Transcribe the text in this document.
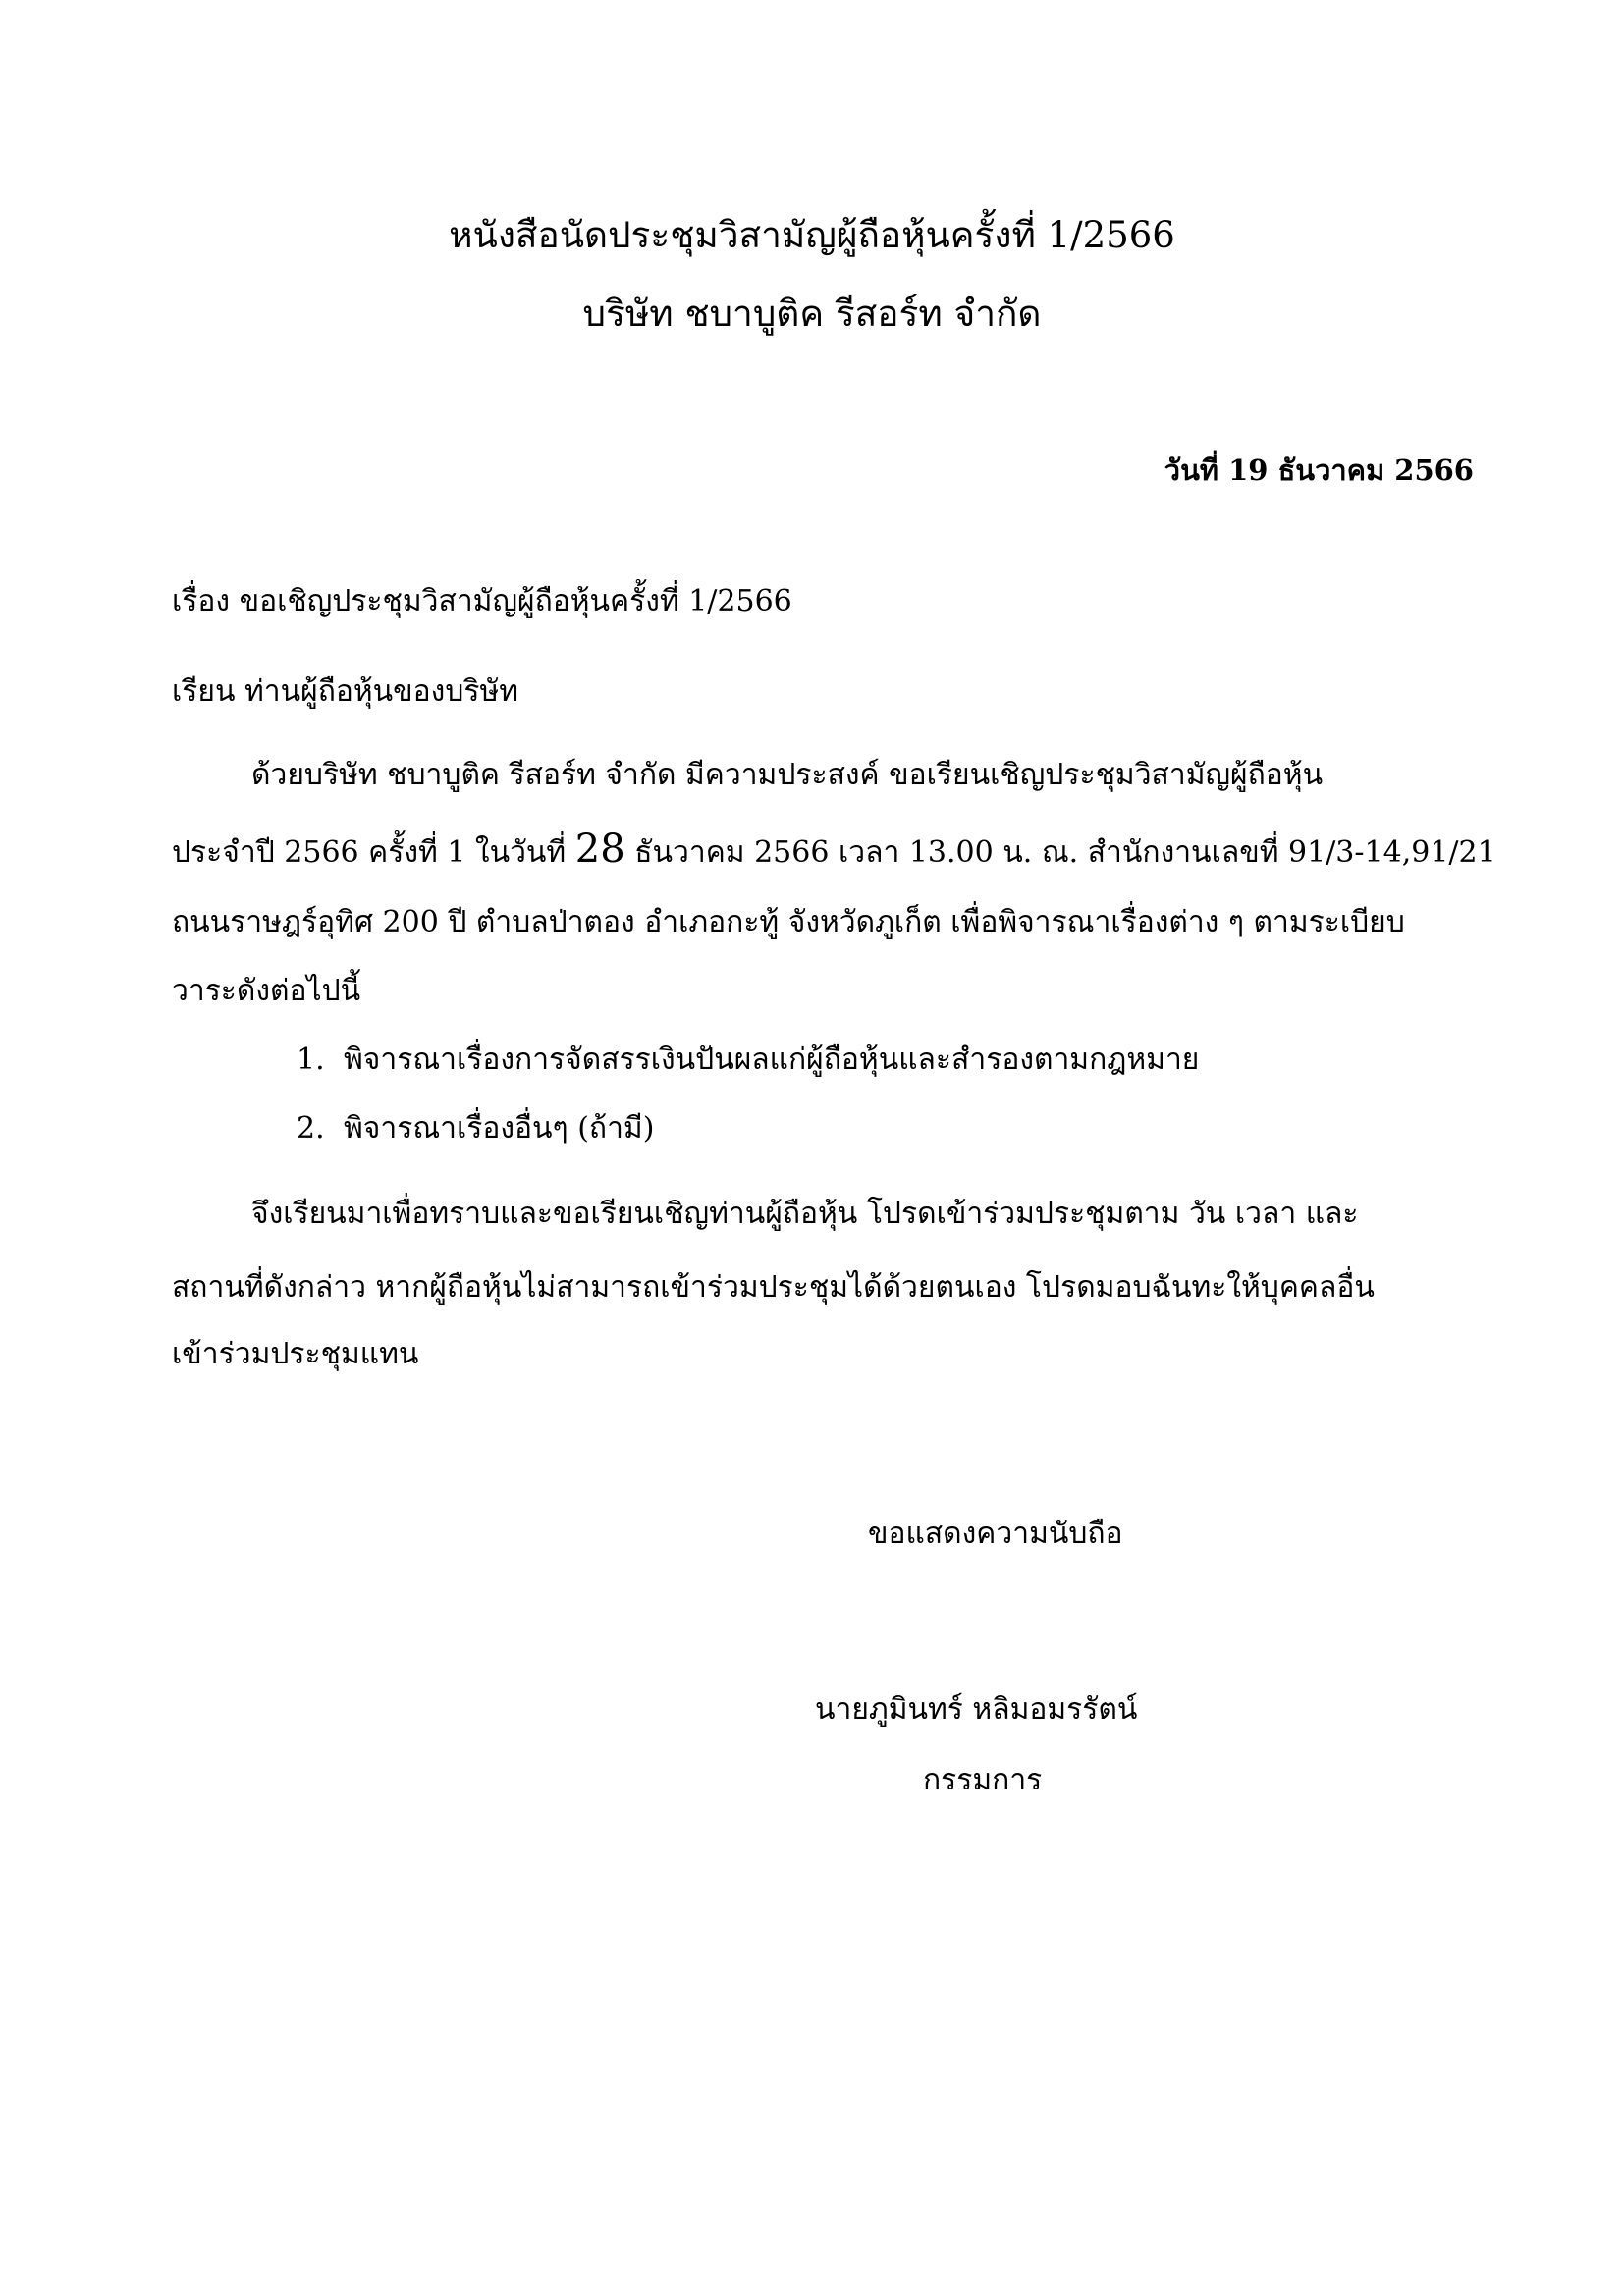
หนังสือนัดประชุมวิสามัญผู้ถือหุ้นครั้งที่ 1/2566
บริษัท ชบาบูติค รีสอร์ท จำกัด
วันที่ 19 ธันวาคม 2566
เรื่อง ขอเชิญประชุมวิสามัญผู้ถือหุ้นครั้งที่ 1/2566
เรียน ท่านผู้ถือหุ้นของบริษัท
ด้วยบริษัท ชบาบูติค รีสอร์ท จำกัด มีความประสงค์ ขอเรียนเชิญประชุมวิสามัญผู้ถือหุ้น
ประจำปี 2566 ครั้งที่ 1 ในวันที่ 28 ธันวาคม 2566 เวลา 13.00 น. ณ. สำนักงานเลขที่ 91/3-14,91/21
ถนนราษฎร์อุทิศ 200 ปี ตำบลป่าตอง อำเภอกะทู้ จังหวัดภูเก็ต เพื่อพิจารณาเรื่องต่าง ๆ ตามระเบียบ
วาระดังต่อไปนี้
1. พิจารณาเรื่องการจัดสรรเงินปันผลแก่ผู้ถือหุ้นและสำรองตามกฎหมาย
2. พิจารณาเรื่องอื่นๆ (ถ้ามี)
จึงเรียนมาเพื่อทราบและขอเรียนเชิญท่านผู้ถือหุ้น โปรดเข้าร่วมประชุมตาม วัน เวลา และ
สถานที่ดังกล่าว หากผู้ถือหุ้นไม่สามารถเข้าร่วมประชุมได้ด้วยตนเอง โปรดมอบฉันทะให้บุคคลอื่น
เข้าร่วมประชุมแทน
ขอแสดงความนับถือ
นายภูมินทร์ หลิมอมรรัตน์
กรรมการ
